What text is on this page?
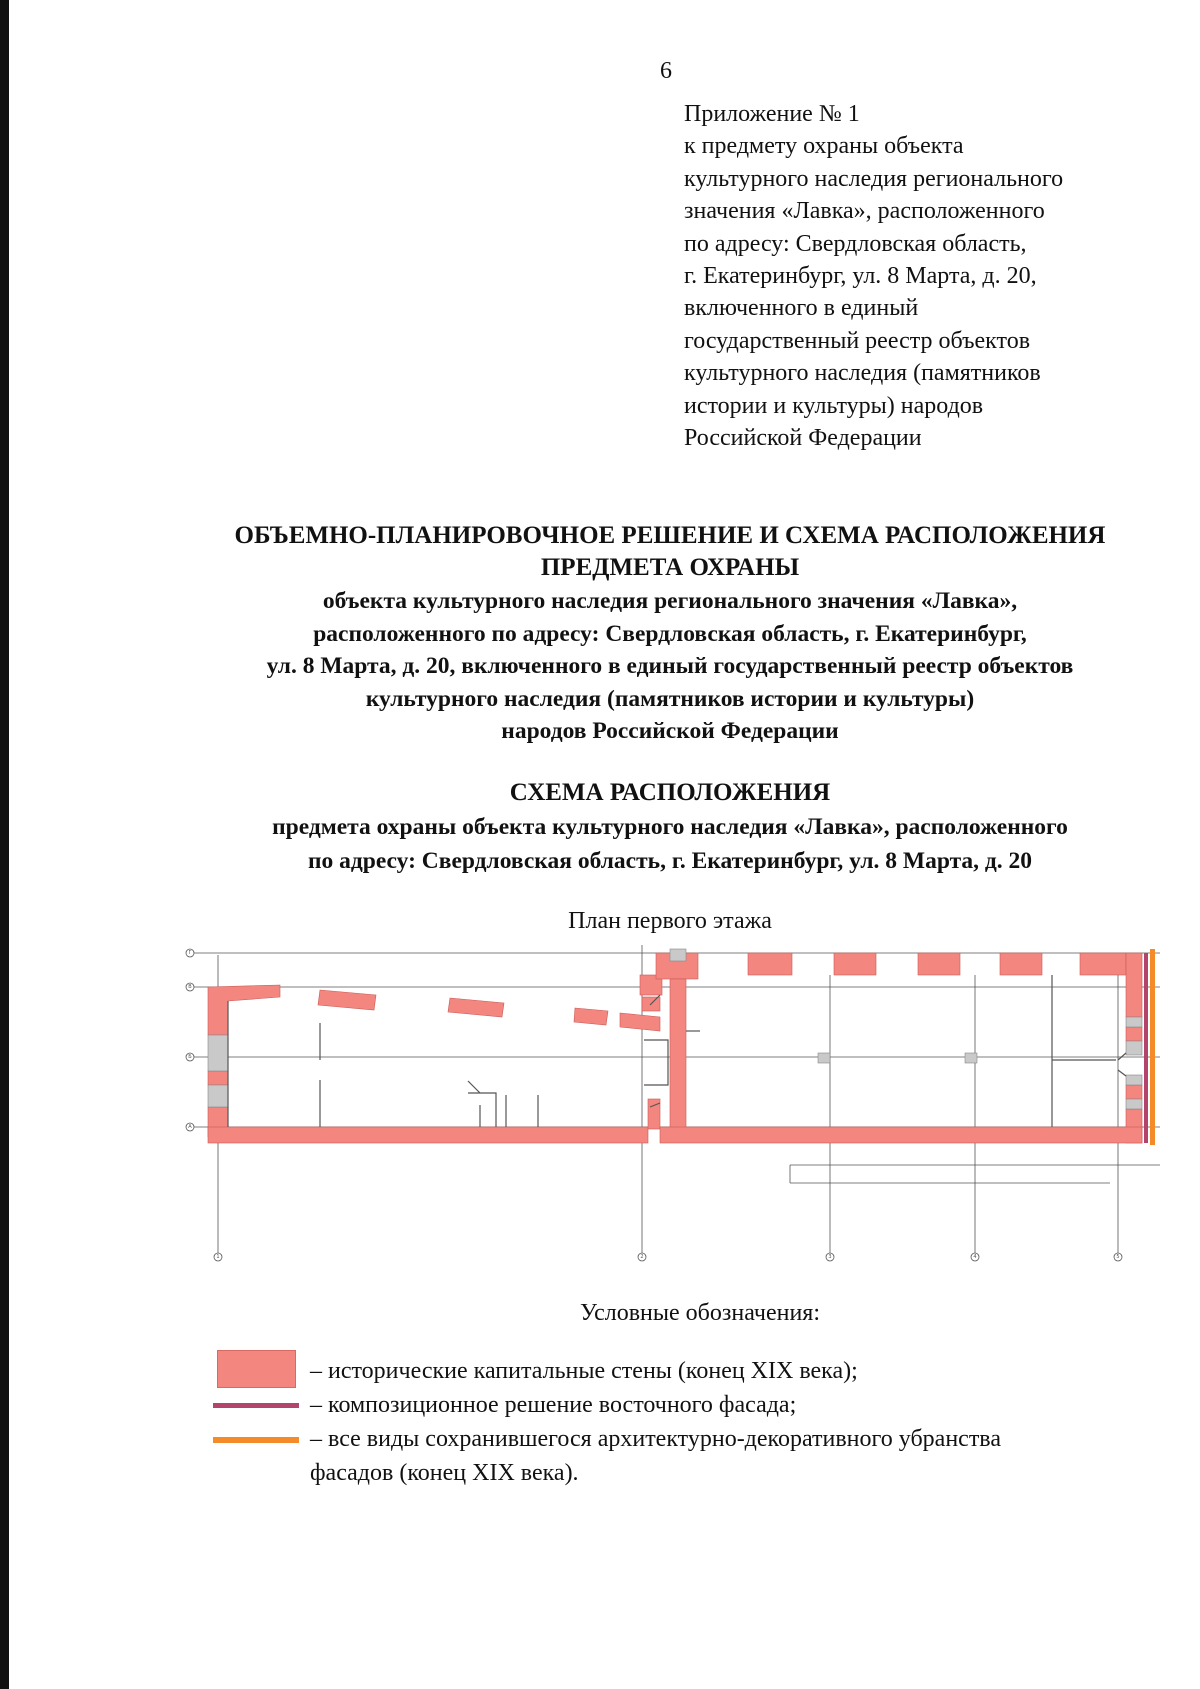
6
Приложение № 1
к предмету охраны объекта
культурного наследия регионального
значения «Лавка», расположенного
по адресу: Свердловская область,
г. Екатеринбург, ул. 8 Марта, д. 20,
включенного в единый
государственный реестр объектов
культурного наследия (памятников
истории и культуры) народов
Российской Федерации
ОБЪЕМНО-ПЛАНИРОВОЧНОЕ РЕШЕНИЕ И СХЕМА РАСПОЛОЖЕНИЯ
ПРЕДМЕТА ОХРАНЫ
объекта культурного наследия регионального значения «Лавка»,
расположенного по адресу: Свердловская область, г. Екатеринбург,
ул. 8 Марта, д. 20, включенного в единый государственный реестр объектов
культурного наследия (памятников истории и культуры)
народов Российской Федерации
СХЕМА РАСПОЛОЖЕНИЯ
предмета охраны объекта культурного наследия «Лавка», расположенного
по адресу: Свердловская область, г. Екатеринбург, ул. 8 Марта, д. 20
План первого этажа
Г
В
Б
А
1	2	3	4	5
Условные обозначения:
– исторические капитальные стены (конец XIX века);
– композиционное решение восточного фасада;
– все виды сохранившегося архитектурно-декоративного убранства
фасадов (конец XIX века).
